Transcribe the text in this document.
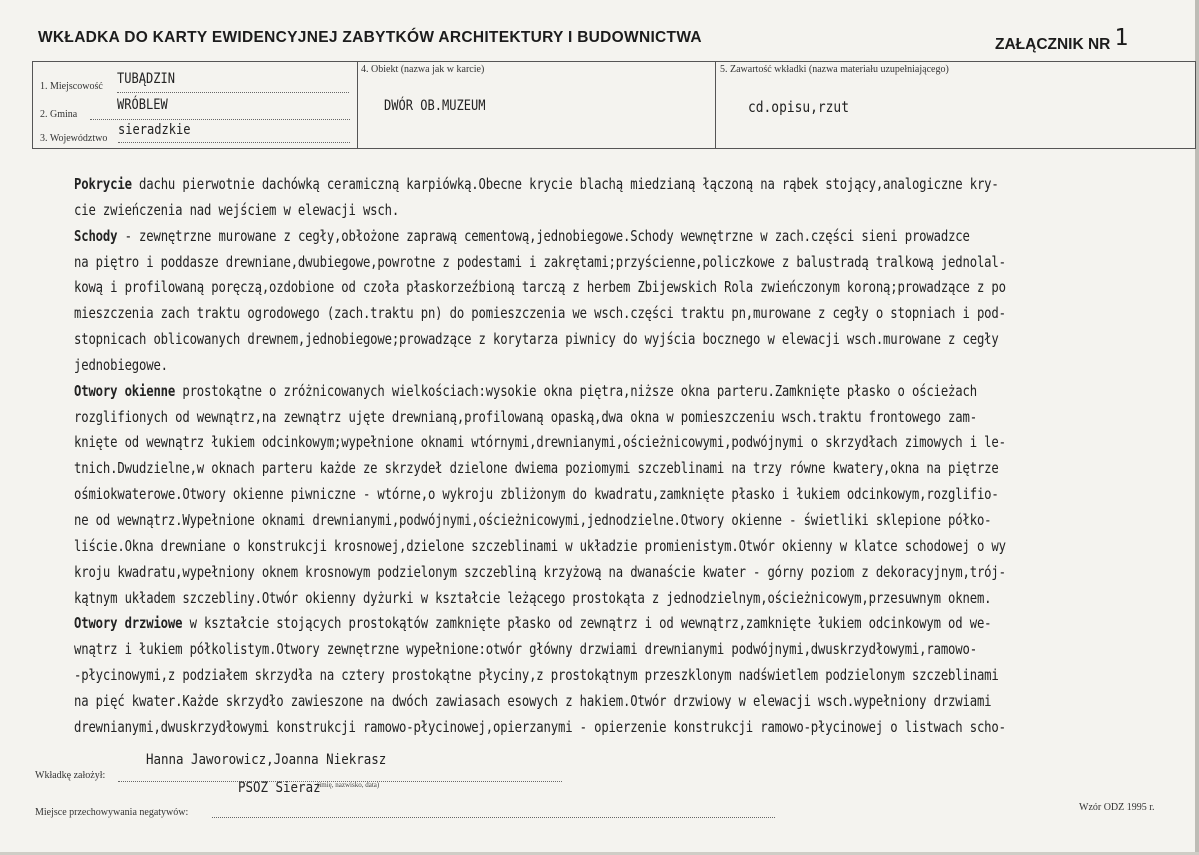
WKŁADKA DO KARTY EWIDENCYJNEJ ZABYTKÓW ARCHITEKTURY I BUDOWNICTWA	ZAŁĄCZNIK NR 1
1. Miejscowość TUBĄDZIN
2. Gmina
WRÓBLEW
3. Województwo
sieradzkie
4. Obiekt (nazwa jak w karcie)
DWÓR OB.MUZEUM
5. Zawartość wkładki (nazwa materiału uzupełniającego)
cd.opisu,rzut

Pokrycie dachu pierwotnie dachówką ceramiczną karpiówką.Obecne krycie blachą miedzianą łączoną na rąbek stojący,analogiczne kry-

cie zwieńczenia nad wejściem w elewacji wsch.

Schody - zewnętrzne murowane z cegły,obłożone zaprawą cementową,jednobiegowe.Schody wewnętrzne w zach.części sieni prowadzce

na piętro i poddasze drewniane,dwubiegowe,powrotne z podestami i zakrętami;przyścienne,policzkowe z balustradą tralkową jednolal-

kową i profilowaną poręczą,ozdobione od czoła płaskorzeźbioną tarczą z herbem Zbijewskich Rola zwieńczonym koroną;prowadzące z po

mieszczenia zach traktu ogrodowego (zach.traktu pn) do pomieszczenia we wsch.części traktu pn,murowane z cegły o stopniach i pod-

stopnicach oblicowanych drewnem,jednobiegowe;prowadzące z korytarza piwnicy do wyjścia bocznego w elewacji wsch.murowane z cegły

jednobiegowe.

Otwory okienne prostokątne o zróżnicowanych wielkościach:wysokie okna piętra,niższe okna parteru.Zamknięte płasko o ościeżach

rozglifionych od wewnątrz,na zewnątrz ujęte drewnianą,profilowaną opaską,dwa okna w pomieszczeniu wsch.traktu frontowego zam-

knięte od wewnątrz łukiem odcinkowym;wypełnione oknami wtórnymi,drewnianymi,ościeżnicowymi,podwójnymi o skrzydłach zimowych i le-

tnich.Dwudzielne,w oknach parteru każde ze skrzydeł dzielone dwiema poziomymi szczeblinami na trzy równe kwatery,okna na piętrze

ośmiokwaterowe.Otwory okienne piwniczne - wtórne,o wykroju zbliżonym do kwadratu,zamknięte płasko i łukiem odcinkowym,rozglifio-

ne od wewnątrz.Wypełnione oknami drewnianymi,podwójnymi,ościeżnicowymi,jednodzielne.Otwory okienne - świetliki sklepione półko-

liście.Okna drewniane o konstrukcji krosnowej,dzielone szczeblinami w układzie promienistym.Otwór okienny w klatce schodowej o wy

kroju kwadratu,wypełniony oknem krosnowym podzielonym szczebliną krzyżową na dwanaście kwater - górny poziom z dekoracyjnym,trój-

kątnym układem szczebliny.Otwór okienny dyżurki w kształcie leżącego prostokąta z jednodzielnym,ościeżnicowym,przesuwnym oknem.

Otwory drzwiowe w kształcie stojących prostokątów zamknięte płasko od zewnątrz i od wewnątrz,zamknięte łukiem odcinkowym od we-

wnątrz i łukiem półkolistym.Otwory zewnętrzne wypełnione:otwór główny drzwiami drewnianymi podwójnymi,dwuskrzydłowymi,ramowo-

-płycinowymi,z podziałem skrzydła na cztery prostokątne płyciny,z prostokątnym przeszklonym nadświetlem podzielonym szczeblinami

na pięć kwater.Każde skrzydło zawieszone na dwóch zawiasach esowych z hakiem.Otwór drzwiowy w elewacji wsch.wypełniony drzwiami

drewnianymi,dwuskrzydłowymi konstrukcji ramowo-płycinowej,opierzanymi - opierzenie konstrukcji ramowo-płycinowej o listwach scho-

Hanna Jaworowicz,Joanna Niekrasz
Wkładkę założył:
PSOZ Sieraz
(imię, nazwisko, data)
Miejsce przechowywania negatywów:	Wzór ODZ 1995 r.
